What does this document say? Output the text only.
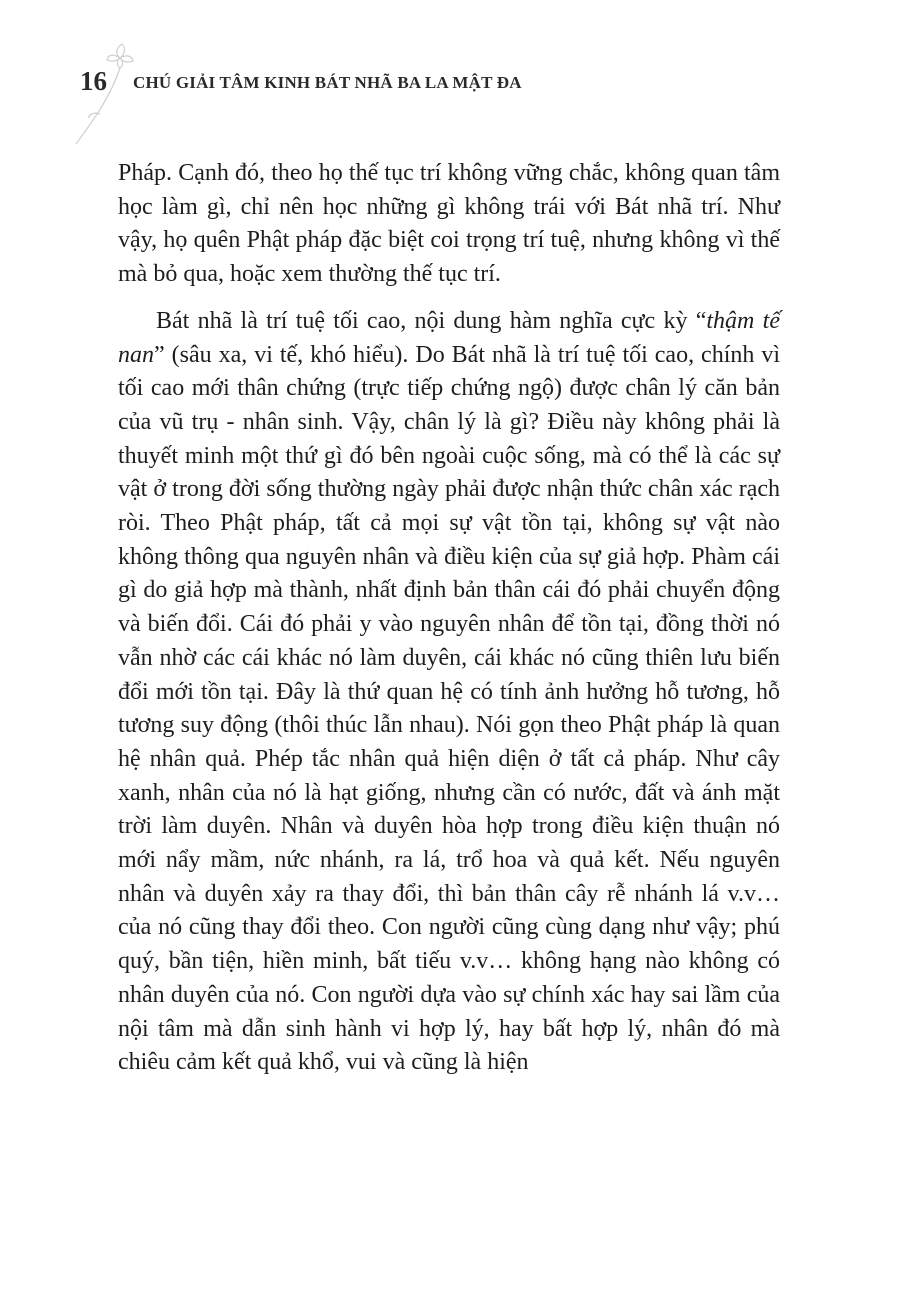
16 CHÚ GIẢI TÂM KINH BÁT NHÃ BA LA MẬT ĐA

Pháp. Cạnh đó, theo họ thế tục trí không vững chắc, không quan tâm học làm gì, chỉ nên học những gì không trái với Bát nhã trí. Như vậy, họ quên Phật pháp đặc biệt coi trọng trí tuệ, nhưng không vì thế mà bỏ qua, hoặc xem thường thế tục trí.

Bát nhã là trí tuệ tối cao, nội dung hàm nghĩa cực kỳ “thậm tế nan” (sâu xa, vi tế, khó hiểu). Do Bát nhã là trí tuệ tối cao, chính vì tối cao mới thân chứng (trực tiếp chứng ngộ) được chân lý căn bản của vũ trụ - nhân sinh. Vậy, chân lý là gì? Điều này không phải là thuyết minh một thứ gì đó bên ngoài cuộc sống, mà có thể là các sự vật ở trong đời sống thường ngày phải được nhận thức chân xác rạch ròi. Theo Phật pháp, tất cả mọi sự vật tồn tại, không sự vật nào không thông qua nguyên nhân và điều kiện của sự giả hợp. Phàm cái gì do giả hợp mà thành, nhất định bản thân cái đó phải chuyển động và biến đổi. Cái đó phải y vào nguyên nhân để tồn tại, đồng thời nó vẫn nhờ các cái khác nó làm duyên, cái khác nó cũng thiên lưu biến đổi mới tồn tại. Đây là thứ quan hệ có tính ảnh hưởng hỗ tương, hỗ tương suy động (thôi thúc lẫn nhau). Nói gọn theo Phật pháp là quan hệ nhân quả. Phép tắc nhân quả hiện diện ở tất cả pháp. Như cây xanh, nhân của nó là hạt giống, nhưng cần có nước, đất và ánh mặt trời làm duyên. Nhân và duyên hòa hợp trong điều kiện thuận nó mới nẩy mầm, nức nhánh, ra lá, trổ hoa và quả kết. Nếu nguyên nhân và duyên xảy ra thay đổi, thì bản thân cây rễ nhánh lá v.v… của nó cũng thay đổi theo. Con người cũng cùng dạng như vậy; phú quý, bần tiện, hiền minh, bất tiếu v.v… không hạng nào không có nhân duyên của nó. Con người dựa vào sự chính xác hay sai lầm của nội tâm mà dẫn sinh hành vi hợp lý, hay bất hợp lý, nhân đó mà chiêu cảm kết quả khổ, vui và cũng là hiện
